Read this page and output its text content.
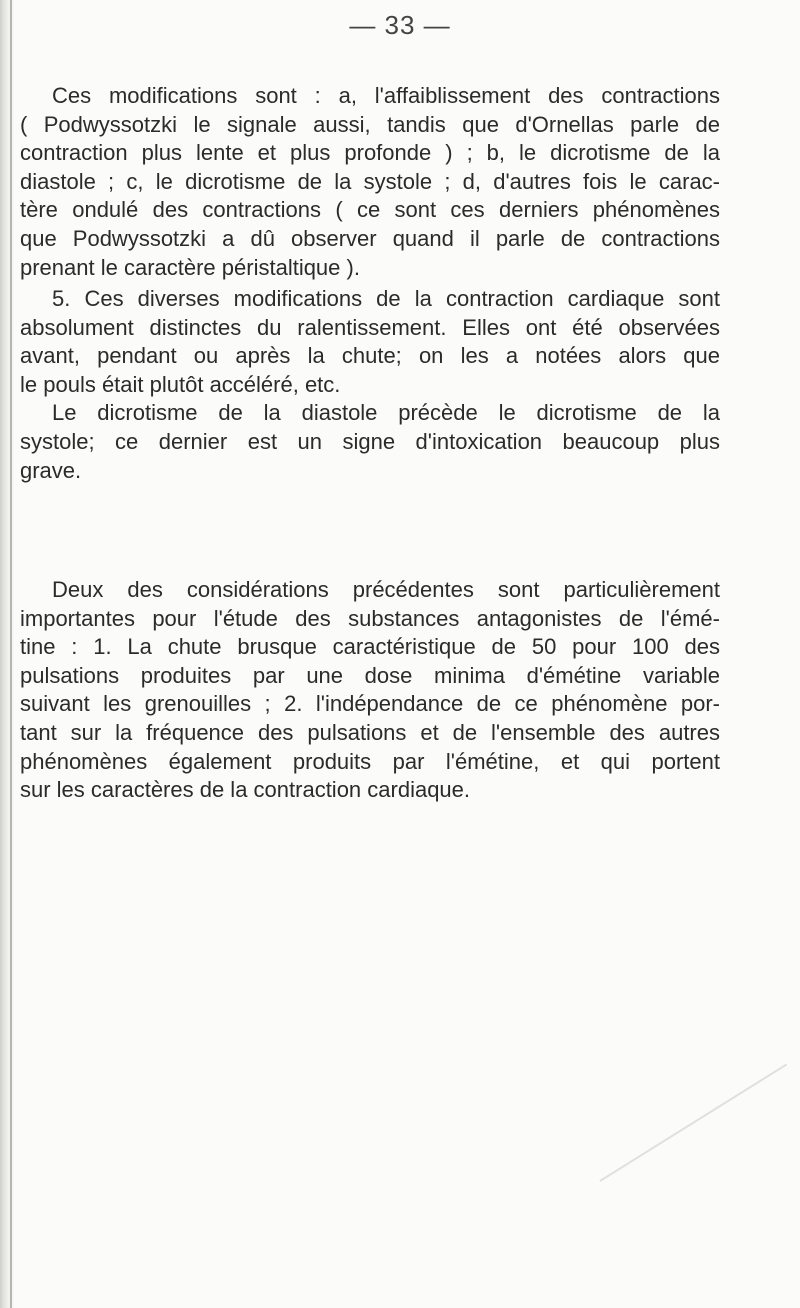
— 33 —
Ces modifications sont : a, l'affaiblissement des contractions
( Podwyssotzki le signale aussi, tandis que d'Ornellas parle de
contraction plus lente et plus profonde ) ; b, le dicrotisme de la
diastole ; c, le dicrotisme de la systole ; d, d'autres fois le carac-
tère ondulé des contractions ( ce sont ces derniers phénomènes
que Podwyssotzki a dû observer quand il parle de contractions
prenant le caractère péristaltique ).
5. Ces diverses modifications de la contraction cardiaque sont
absolument distinctes du ralentissement. Elles ont été observées
avant, pendant ou après la chute; on les a notées alors que
le pouls était plutôt accéléré, etc.
Le dicrotisme de la diastole précède le dicrotisme de la
systole; ce dernier est un signe d'intoxication beaucoup plus
grave.
Deux des considérations précédentes sont particulièrement
importantes pour l'étude des substances antagonistes de l'émé-
tine : 1. La chute brusque caractéristique de 50 pour 100 des
pulsations produites par une dose minima d'émétine variable
suivant les grenouilles ; 2. l'indépendance de ce phénomène por-
tant sur la fréquence des pulsations et de l'ensemble des autres
phénomènes également produits par l'émétine, et qui portent
sur les caractères de la contraction cardiaque.
